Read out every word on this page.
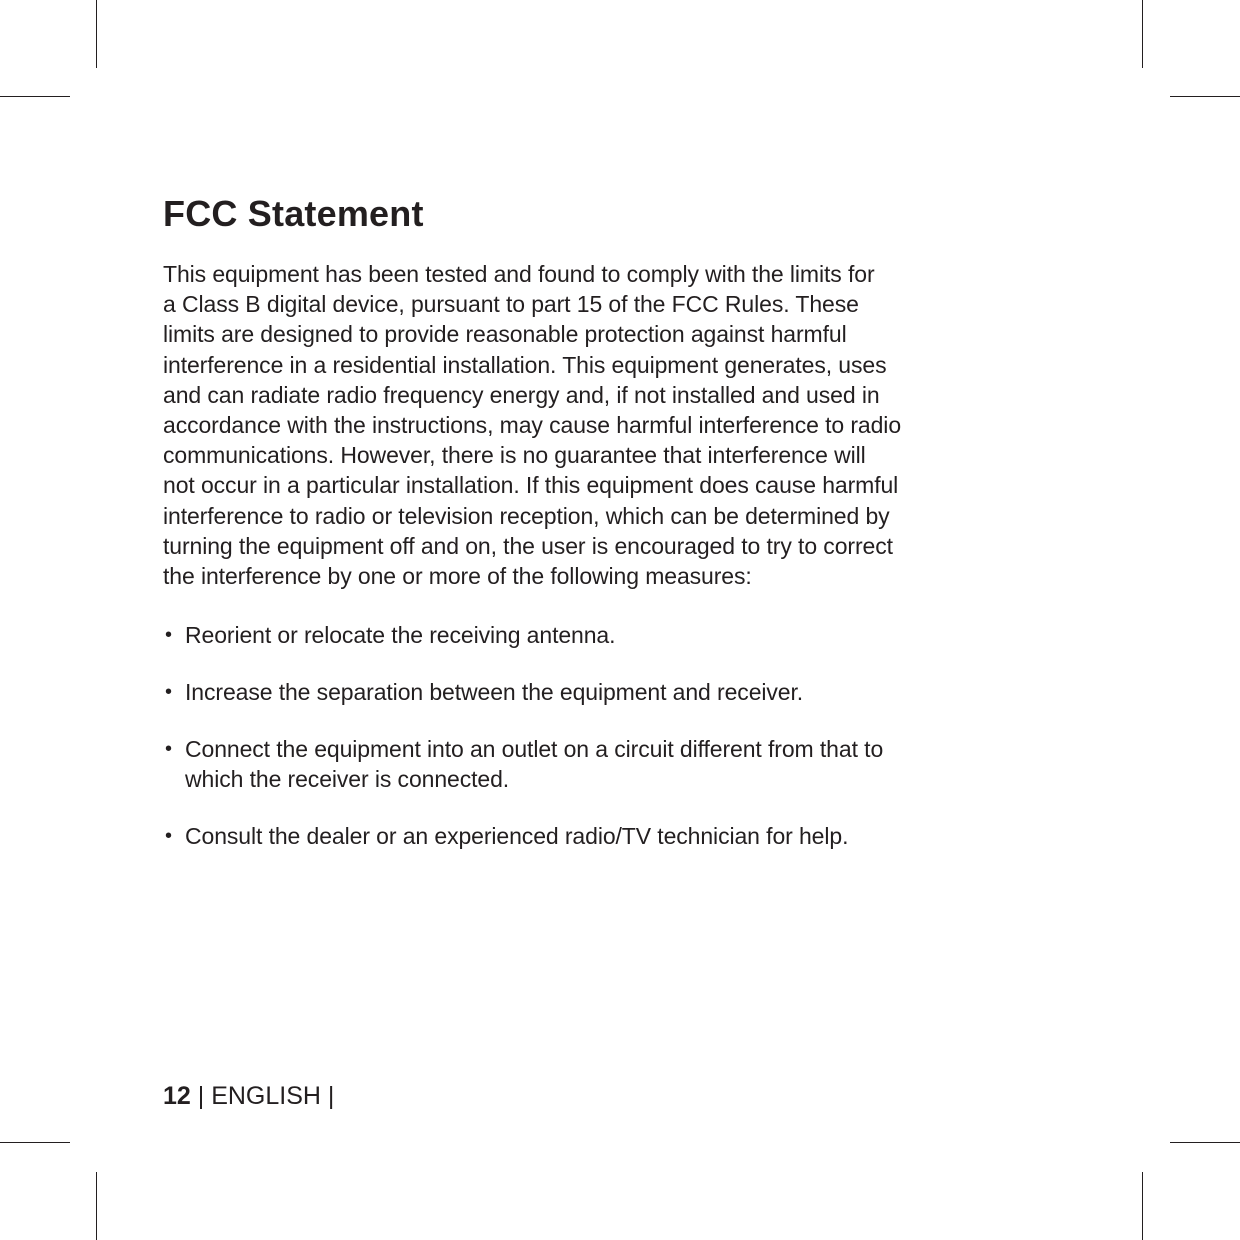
FCC Statement
This equipment has been tested and found to comply with the limits for
a Class B digital device, pursuant to part 15 of the FCC Rules. These
limits are designed to provide reasonable protection against harmful
interference in a residential installation. This equipment generates, uses
and can radiate radio frequency energy and, if not installed and used in
accordance with the instructions, may cause harmful interference to radio
communications. However, there is no guarantee that interference will
not occur in a particular installation. If this equipment does cause harmful
interference to radio or television reception, which can be determined by
turning the equipment off and on, the user is encouraged to try to correct
the interference by one or more of the following measures:
• Reorient or relocate the receiving antenna.
• Increase the separation between the equipment and receiver.
• Connect the equipment into an outlet on a circuit different from that to
which the receiver is connected.
• Consult the dealer or an experienced radio/TV technician for help.
12 | ENGLISH |
